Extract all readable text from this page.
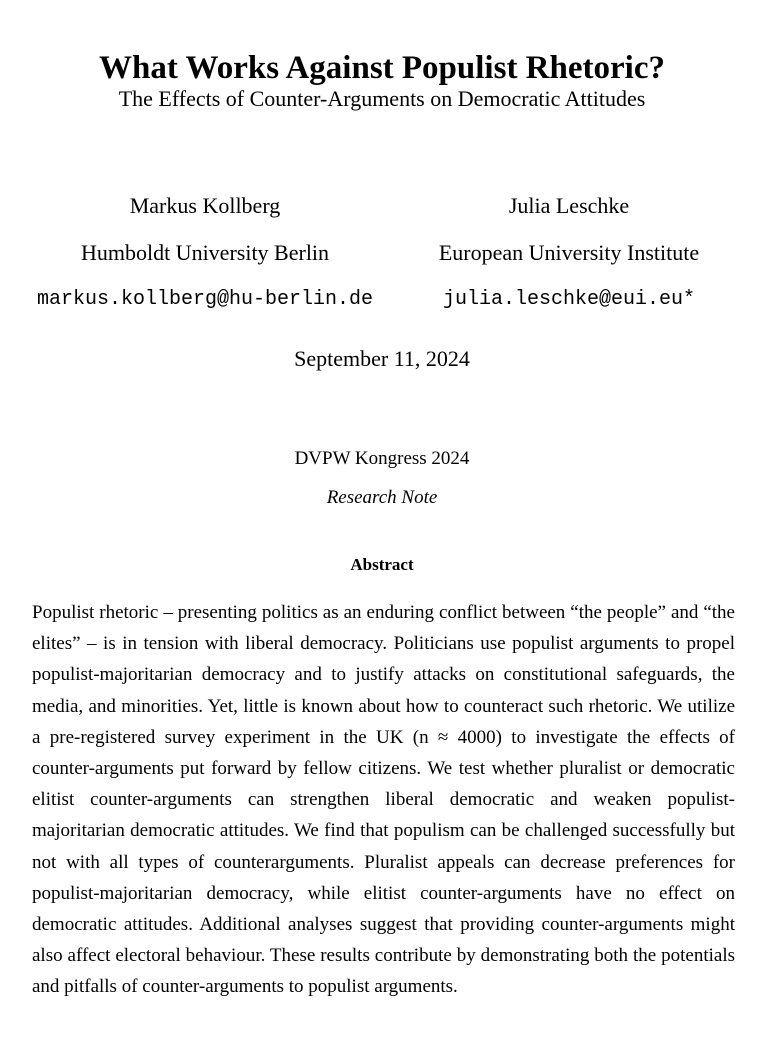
What Works Against Populist Rhetoric?
The Effects of Counter-Arguments on Democratic Attitudes
Markus Kollberg
Humboldt University Berlin
markus.kollberg@hu-berlin.de
Julia Leschke
European University Institute
julia.leschke@eui.eu*
September 11, 2024
DVPW Kongress 2024
Research Note
Abstract

Populist rhetoric – presenting politics as an enduring conflict between “the people” and “the elites” – is in tension with liberal democracy. Politicians use populist arguments to propel populist-majoritarian democracy and to justify attacks on constitutional safeguards, the media, and minorities. Yet, little is known about how to counteract such rhetoric. We utilize a pre-registered survey experiment in the UK (n ≈ 4000) to investigate the effects of counter-arguments put forward by fellow citizens. We test whether pluralist or democratic elitist counter-arguments can strengthen liberal democratic and weaken populist-majoritarian democratic attitudes. We find that populism can be challenged successfully but not with all types of counterarguments. Pluralist appeals can decrease preferences for populist-majoritarian democracy, while elitist counter-arguments have no effect on democratic attitudes. Additional analyses suggest that providing counter-arguments might also affect electoral behaviour. These results contribute by demonstrating both the potentials and pitfalls of counter-arguments to populist arguments.
